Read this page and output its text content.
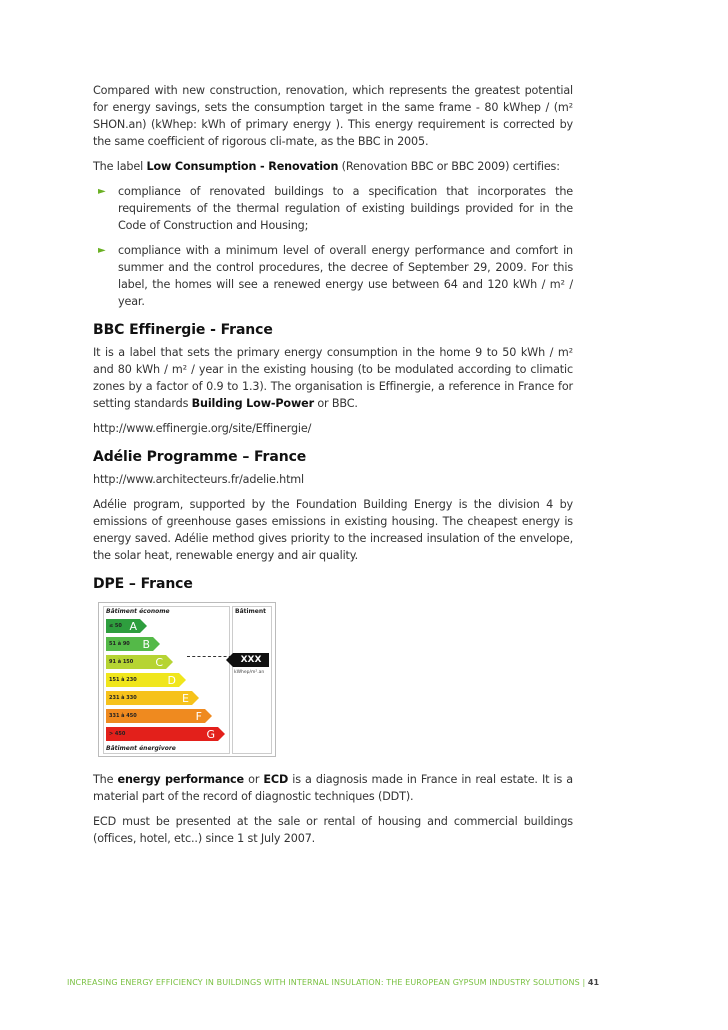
Compared with new construction, renovation, which represents the greatest potential for energy savings, sets the consumption target in the same frame - 80 kWhep / (m² SHON.an) (kWhep: kWh of primary energy ). This energy requirement is corrected by the same coefficient of rigorous cli-mate, as the BBC in 2005.

The label Low Consumption - Renovation (Renovation BBC or BBC 2009) certifies:

► compliance of renovated buildings to a specification that incorporates the requirements of the thermal regulation of existing buildings provided for in the Code of Construction and Housing;
► compliance with a minimum level of overall energy performance and comfort in summer and the control procedures, the decree of September 29, 2009. For this label, the homes will see a renewed energy use between 64 and 120 kWh / m² / year.
BBC Effinergie - France

It is a label that sets the primary energy consumption in the home 9 to 50 kWh / m² and 80 kWh / m² / year in the existing housing (to be modulated according to climatic zones by a factor of 0.9 to 1.3). The organisation is Effinergie, a reference in France for setting standards Building Low-Power or BBC.

http://www.effinergie.org/site/Effinergie/

Adélie Programme – France

http://www.architecteurs.fr/adelie.html

Adélie program, supported by the Foundation Building Energy is the division 4 by emissions of greenhouse gases emissions in existing housing. The cheapest energy is energy saved. Adélie method gives priority to the increased insulation of the envelope, the solar heat, renewable energy and air quality.

DPE – France
Bâtiment économe
≤ 50 A
51 à 90	B
91 à 150	C
151 à 230	D
231 à 330	E
331 à 450	F
> 450	G
Bâtiment énergivore
Bâtiment
XXX
kWhep/m².an

The energy performance or ECD is a diagnosis made in France in real estate. It is a material part of the record of diagnostic techniques (DDT).

ECD must be presented at the sale or rental of housing and commercial buildings (offices, hotel, etc..) since 1 st July 2007.

INCREASING ENERGY EFFICIENCY IN BUILDINGS WITH INTERNAL INSULATION: THE EUROPEAN GYPSUM INDUSTRY SOLUTIONS | 41
